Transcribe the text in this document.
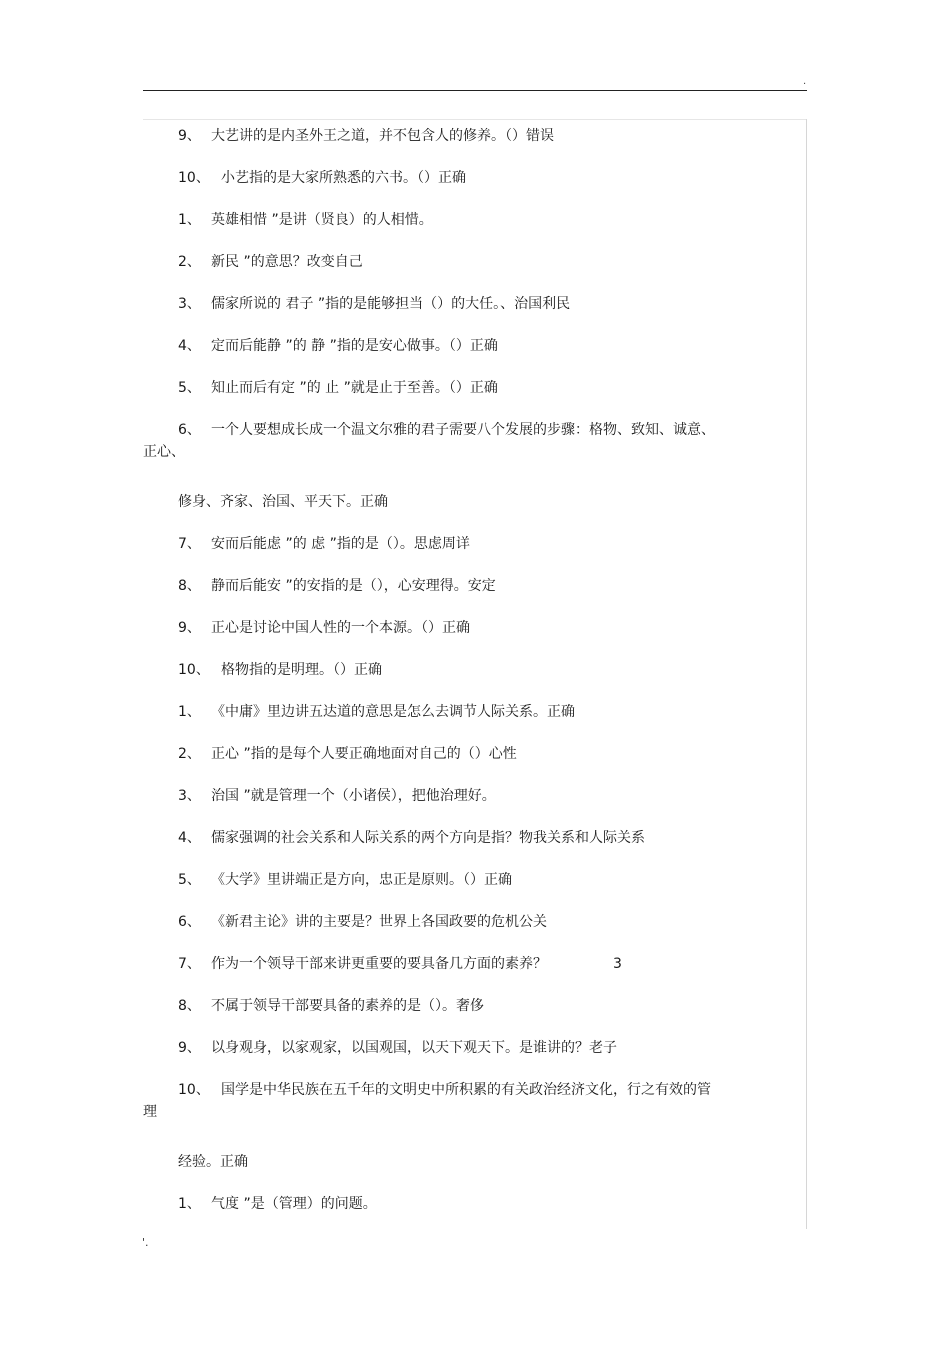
.
9、 大艺讲的是内圣外王之道，并不包含人的修养。（）错误
10、 小艺指的是大家所熟悉的六书。（）正确
1、 英雄相惜 ”是讲（贤良）的人相惜。
2、 新民 ”的意思？改变自己
3、 儒家所说的 君子 ”指的是能够担当（）的大任。、治国利民
4、 定而后能静 ”的 静 ”指的是安心做事。（）正确
5、 知止而后有定 ”的 止 ”就是止于至善。（）正确
6、 一个人要想成长成一个温文尔雅的君子需要八个发展的步骤：格物、致知、诚意、
正心、
修身、齐家、治国、平天下。正确
7、 安而后能虑 ”的 虑 ”指的是（）。思虑周详
8、 静而后能安 ”的安指的是（），心安理得。安定
9、 正心是讨论中国人性的一个本源。（）正确
10、 格物指的是明理。（）正确
1、 《中庸》里边讲五达道的意思是怎么去调节人际关系。正确
2、 正心 ”指的是每个人要正确地面对自己的（）心性
3、 治国 ”就是管理一个（小诸侯），把他治理好。
4、 儒家强调的社会关系和人际关系的两个方向是指？物我关系和人际关系
5、 《大学》里讲端正是方向，忠正是原则。（）正确
6、 《新君主论》讲的主要是？世界上各国政要的危机公关
7、 作为一个领导干部来讲更重要的要具备几方面的素养？	3
8、 不属于领导干部要具备的素养的是（）。奢侈
9、 以身观身，以家观家，以国观国，以天下观天下。是谁讲的？老子
10、 国学是中华民族在五千年的文明史中所积累的有关政治经济文化，行之有效的管
理
经验。正确
1、 气度 ”是（管理）的问题。
'.
